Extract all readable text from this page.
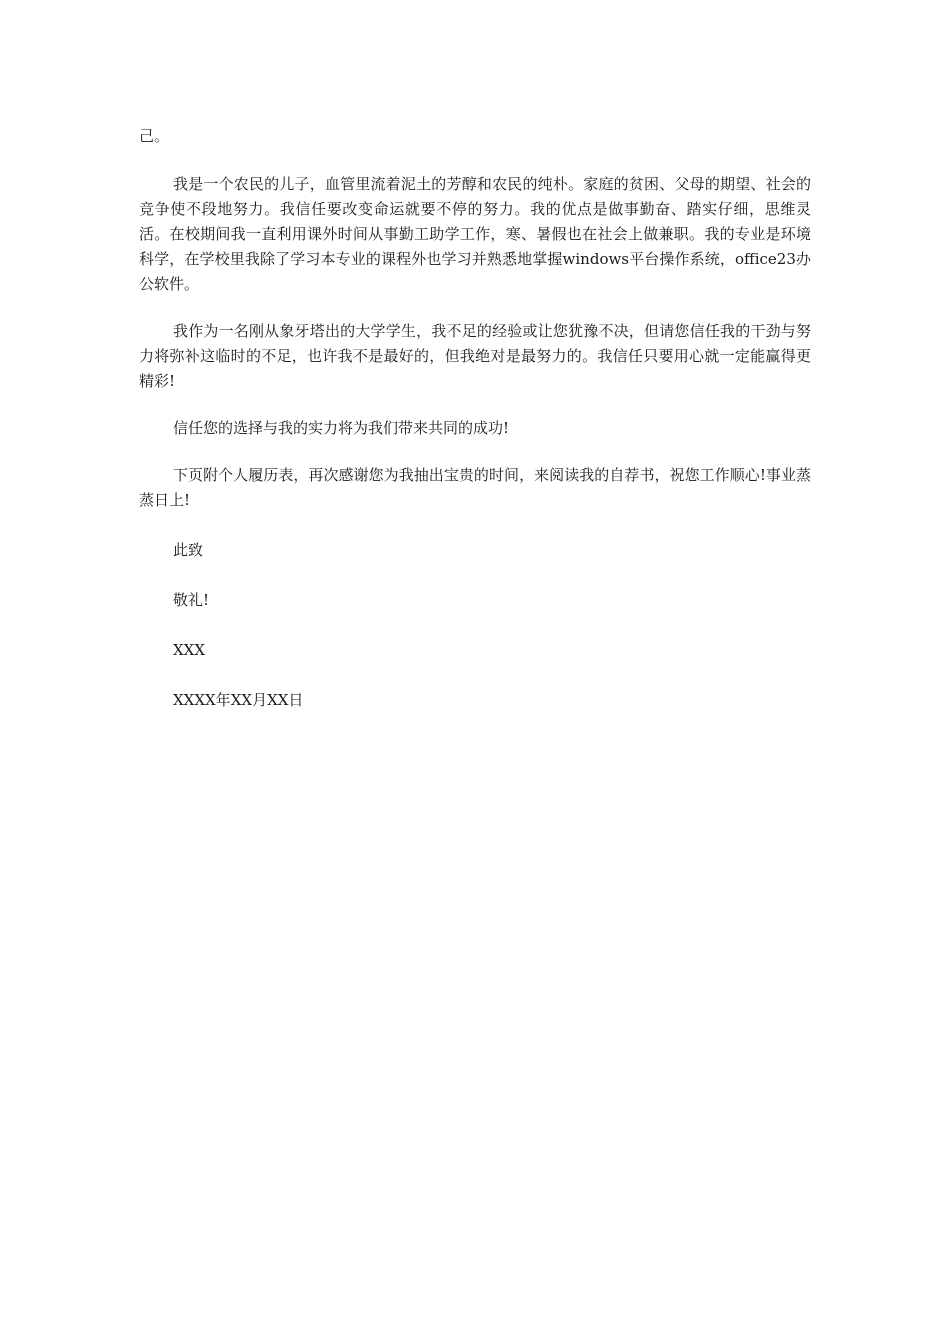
己。

我是一个农民的儿子，血管里流着泥土的芳醇和农民的纯朴。家庭的贫困、父母的期望、社会的竞争使不段地努力。我信任要改变命运就要不停的努力。我的优点是做事勤奋、踏实仔细，思维灵活。在校期间我一直利用课外时间从事勤工助学工作，寒、暑假也在社会上做兼职。我的专业是环境科学，在学校里我除了学习本专业的课程外也学习并熟悉地掌握windows平台操作系统，office23办公软件。

我作为一名刚从象牙塔出的大学学生，我不足的经验或让您犹豫不决，但请您信任我的干劲与努力将弥补这临时的不足，也许我不是最好的，但我绝对是最努力的。我信任只要用心就一定能赢得更精彩!

信任您的选择与我的实力将为我们带来共同的成功!

下页附个人履历表，再次感谢您为我抽出宝贵的时间，来阅读我的自荐书，祝您工作顺心!事业蒸蒸日上!

此致

敬礼!

XXX

XXXX年XX月XX日
